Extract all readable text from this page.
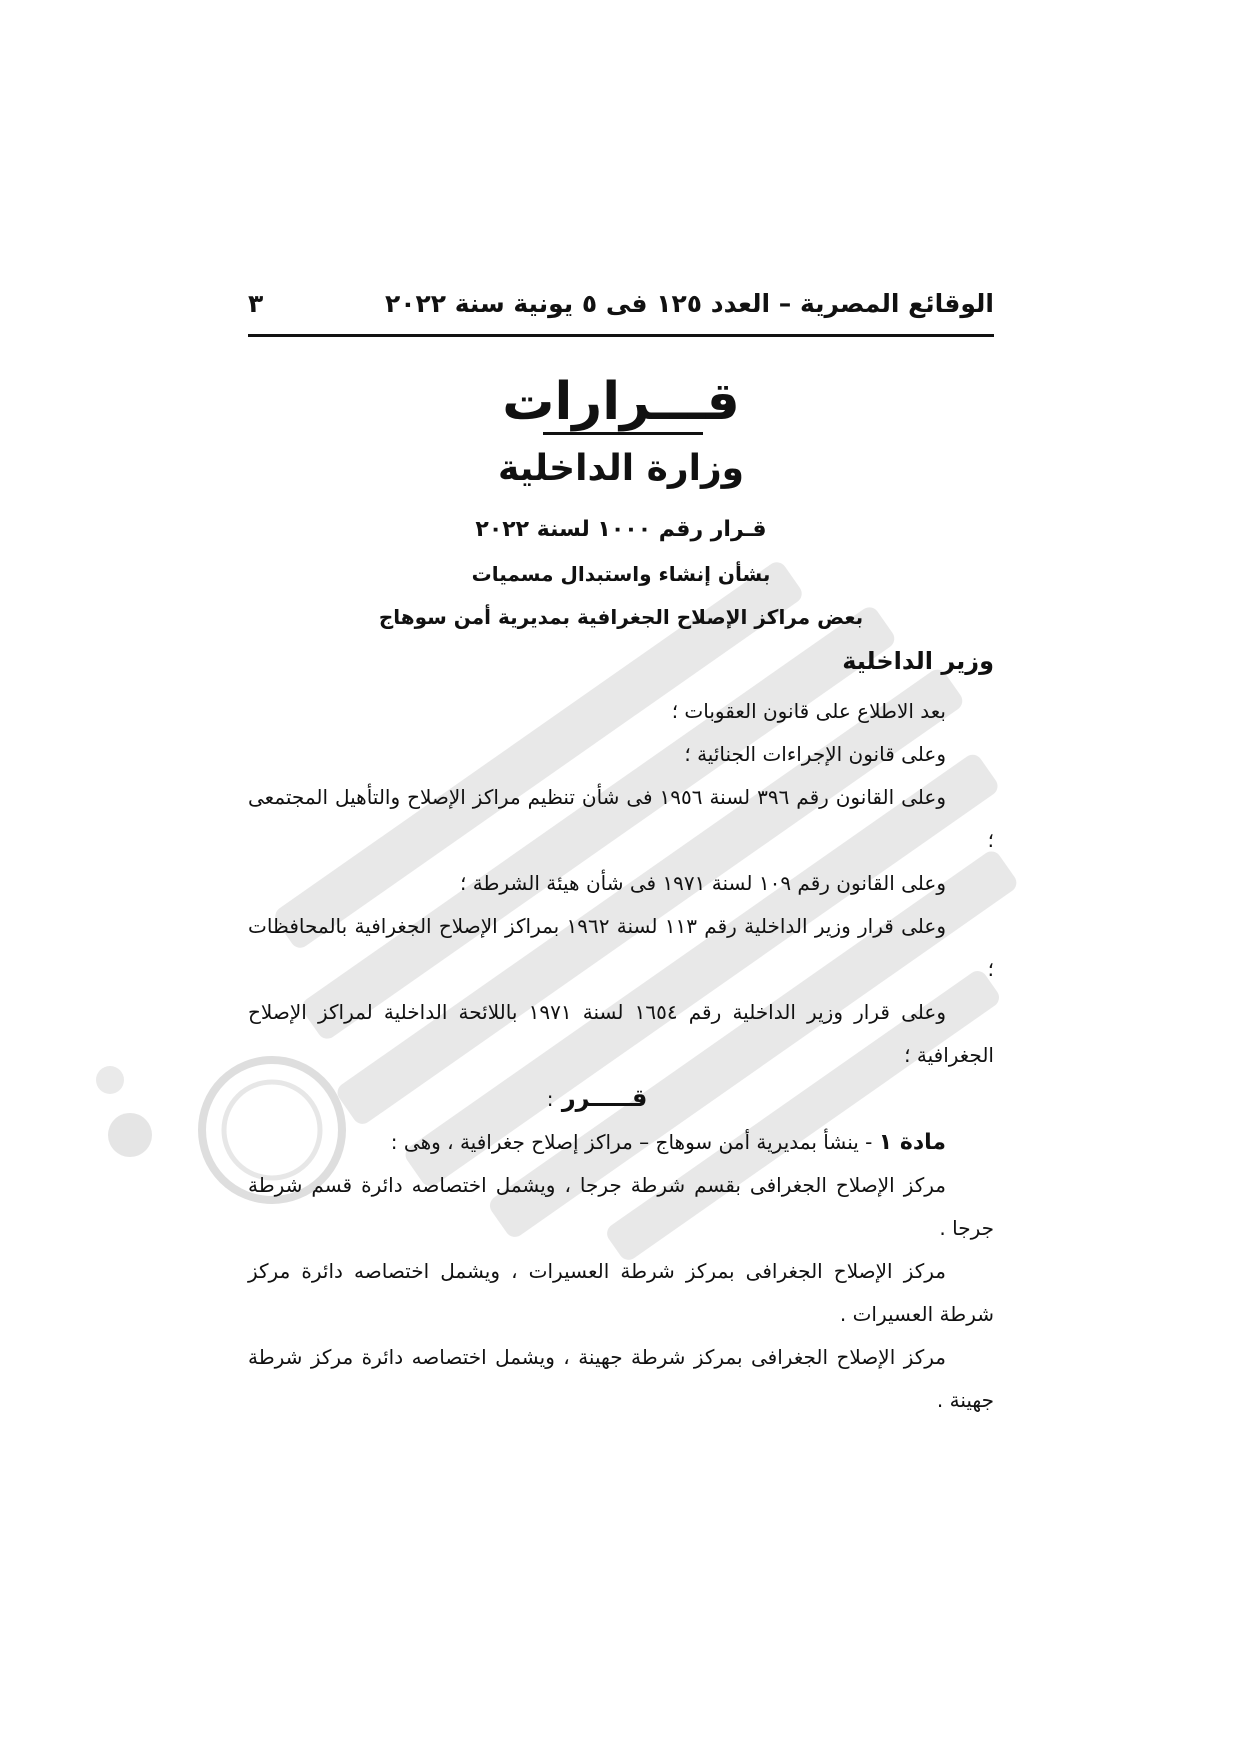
٣	الوقائع المصرية – العدد ١٢٥ فى ٥ يونية سنة ٢٠٢٢
قـــرارات
وزارة الداخلية
قـرار رقم ١٠٠٠ لسنة ٢٠٢٢
بشأن إنشاء واستبدال مسميات
بعض مراكز الإصلاح الجغرافية بمديرية أمن سوهاج
وزير الداخلية

بعد الاطلاع على قانون العقوبات ؛

وعلى قانون الإجراءات الجنائية ؛

وعلى القانون رقم ٣٩٦ لسنة ١٩٥٦ فى شأن تنظيم مراكز الإصلاح والتأهيل المجتمعى ؛

وعلى القانون رقم ١٠٩ لسنة ١٩٧١ فى شأن هيئة الشرطة ؛

وعلى قرار وزير الداخلية رقم ١١٣ لسنة ١٩٦٢ بمراكز الإصلاح الجغرافية بالمحافظات ؛

وعلى قرار وزير الداخلية رقم ١٦٥٤ لسنة ١٩٧١ باللائحة الداخلية لمراكز الإصلاح الجغرافية ؛

قـــــرر :

مادة ١ - ينشأ بمديرية أمن سوهاج – مراكز إصلاح جغرافية ، وهى :

مركز الإصلاح الجغرافى بقسم شرطة جرجا ، ويشمل اختصاصه دائرة قسم شرطة جرجا .

مركز الإصلاح الجغرافى بمركز شرطة العسيرات ، ويشمل اختصاصه دائرة مركز شرطة العسيرات .

مركز الإصلاح الجغرافى بمركز شرطة جهينة ، ويشمل اختصاصه دائرة مركز شرطة جهينة .
